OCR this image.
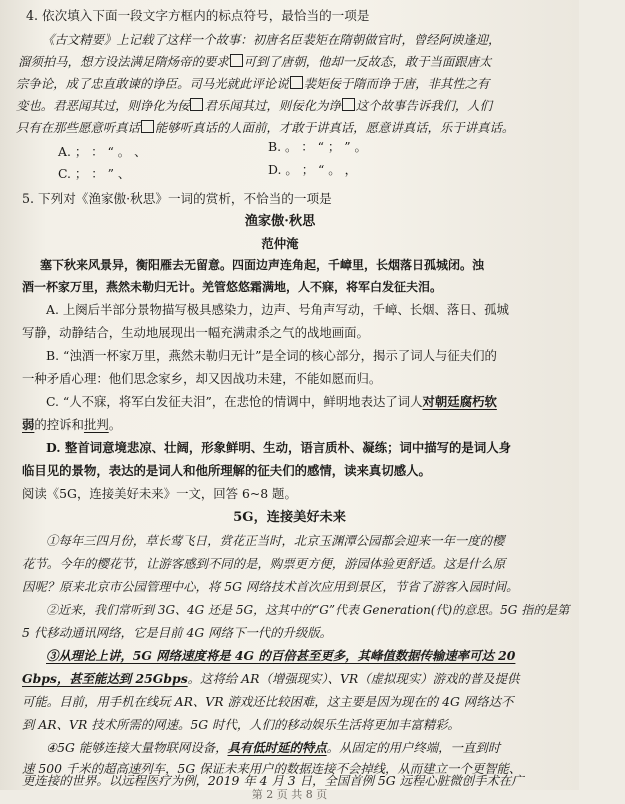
4. 依次填入下面一段文字方框内的标点符号，最恰当的一项是
《古文精要》上记载了这样一个故事：初唐名臣裴矩在隋朝做官时，曾经阿谀逢迎，
溜须拍马，想方设法满足隋炀帝的要求 可到了唐朝，他却一反故态，敢于当面跟唐太
宗争论，成了忠直敢谏的诤臣。司马光就此评论说 裴矩佞于隋而诤于唐，非其性之有
变也。君恶闻其过，则诤化为佞 君乐闻其过，则佞化为诤 这个故事告诉我们，人们
只有在那些愿意听真话 能够听真话的人面前，才敢于讲真话，愿意讲真话，乐于讲真话。
A. ； ： “ 。 、	B. 。 ： “ ； ” 。
C. ； ： ” 、	D. 。 ； “ 。 ，
5. 下列对《渔家傲·秋思》一词的赏析，不恰当的一项是
渔家傲·秋思
范仲淹
塞下秋来风景异，衡阳雁去无留意。四面边声连角起，千嶂里，长烟落日孤城闭。浊
酒一杯家万里，燕然未勒归无计。羌管悠悠霜满地，人不寐，将军白发征夫泪。
A. 上阕后半部分景物描写极具感染力，边声、号角声写动，千嶂、长烟、落日、孤城
写静，动静结合，生动地展现出一幅充满肃杀之气的战地画面。
B. “浊酒一杯家万里，燕然未勒归无计”是全词的核心部分，揭示了词人与征夫们的
一种矛盾心理：他们思念家乡，却又因战功未建，不能如愿而归。
C. “人不寐，将军白发征夫泪”，在悲怆的情调中，鲜明地表达了词人对朝廷腐朽软
弱的控诉和批判。
D. 整首词意境悲凉、壮阔，形象鲜明、生动，语言质朴、凝练；词中描写的是词人身
临目见的景物，表达的是词人和他所理解的征夫们的感情，读来真切感人。
阅读《5G，连接美好未来》一文，回答 6~8 题。
5G，连接美好未来
①每年三四月份，草长莺飞日，赏花正当时，北京玉渊潭公园都会迎来一年一度的樱
花节。今年的樱花节，让游客感到不同的是，购票更方便，游园体验更舒适。这是什么原
因呢？原来北京市公园管理中心，将 5G 网络技术首次应用到景区，节省了游客入园时间。
②近来，我们常听到 3G、4G 还是 5G，这其中的“G”代表 Generation(代)的意思。5G 指的是第
5 代移动通讯网络，它是目前 4G 网络下一代的升级版。
③从理论上讲，5G 网络速度将是 4G 的百倍甚至更多，其峰值数据传输速率可达 20
Gbps，甚至能达到 25Gbps。这将给 AR（增强现实）、VR（虚拟现实）游戏的普及提供
可能。目前，用手机在线玩 AR、VR 游戏还比较困难，这主要是因为现在的 4G 网络达不
到 AR、VR 技术所需的网速。5G 时代，人们的移动娱乐生活将更加丰富精彩。
④5G 能够连接大量物联网设备，具有低时延的特点。从固定的用户终端，一直到时
速 500 千米的超高速列车，5G 保证未来用户的数据连接不会掉线，从而建立一个更智能、
更连接的世界。以远程医疗为例，2019 年 4 月 3 日，全国首例 5G 远程心脏微创手术在广
第 2 页 共 8 页
